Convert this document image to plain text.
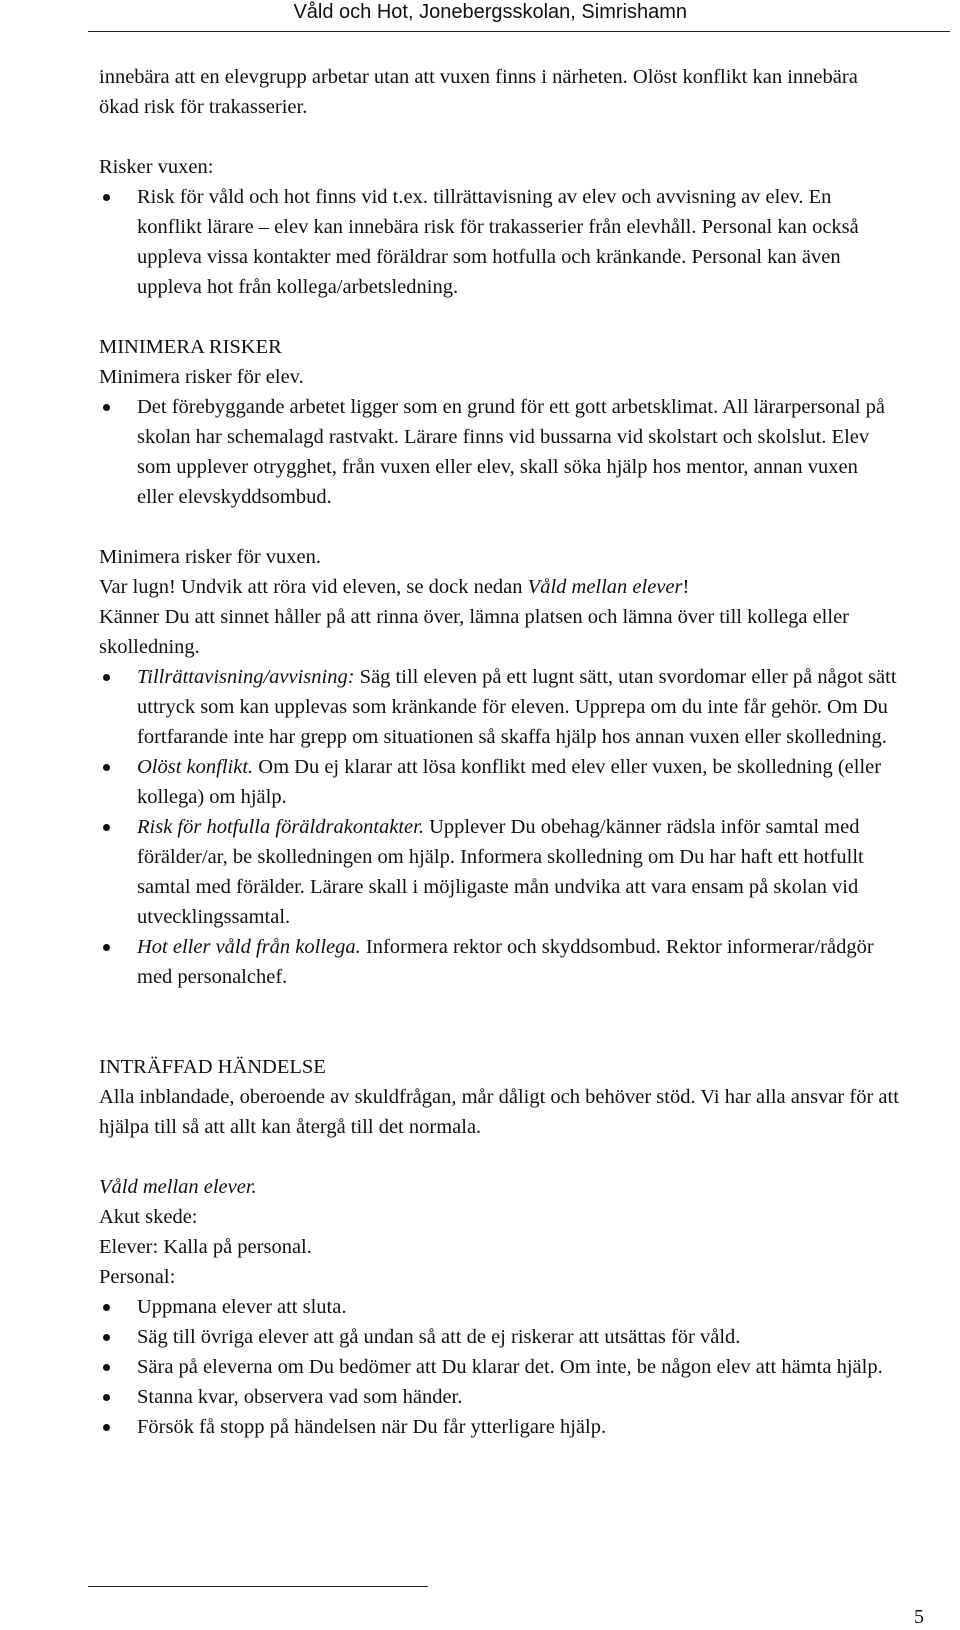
Våld och Hot, Jonebergsskolan, Simrishamn

innebära att en elevgrupp arbetar utan att vuxen finns i närheten. Olöst konflikt kan innebära ökad risk för trakasserier.

Risker vuxen:

Risk för våld och hot finns vid t.ex. tillrättavisning av elev och avvisning av elev. En konflikt lärare – elev kan innebära risk för trakasserier från elevhåll. Personal kan också uppleva vissa kontakter med föräldrar som hotfulla och kränkande. Personal kan även uppleva hot från kollega/arbetsledning.

MINIMERA RISKER

Minimera risker för elev.

Det förebyggande arbetet ligger som en grund för ett gott arbetsklimat. All lärarpersonal på skolan har schemalagd rastvakt. Lärare finns vid bussarna vid skolstart och skolslut. Elev som upplever otrygghet, från vuxen eller elev, skall söka hjälp hos mentor, annan vuxen eller elevskyddsombud.

Minimera risker för vuxen.

Var lugn! Undvik att röra vid eleven, se dock nedan Våld mellan elever!

Känner Du att sinnet håller på att rinna över, lämna platsen och lämna över till kollega eller skolledning.

Tillrättavisning/avvisning: Säg till eleven på ett lugnt sätt, utan svordomar eller på något sätt uttryck som kan upplevas som kränkande för eleven. Upprepa om du inte får gehör. Om Du fortfarande inte har grepp om situationen så skaffa hjälp hos annan vuxen eller skolledning.
Olöst konflikt. Om Du ej klarar att lösa konflikt med elev eller vuxen, be skolledning (eller kollega) om hjälp.
Risk för hotfulla föräldrakontakter. Upplever Du obehag/känner rädsla inför samtal med förälder/ar, be skolledningen om hjälp. Informera skolledning om Du har haft ett hotfullt samtal med förälder. Lärare skall i möjligaste mån undvika att vara ensam på skolan vid utvecklingssamtal.
Hot eller våld från kollega. Informera rektor och skyddsombud. Rektor informerar/rådgör med personalchef.

INTRÄFFAD HÄNDELSE

Alla inblandade, oberoende av skuldfrågan, mår dåligt och behöver stöd. Vi har alla ansvar för att hjälpa till så att allt kan återgå till det normala.

Våld mellan elever.

Akut skede:

Elever: Kalla på personal.

Personal:

Uppmana elever att sluta.
Säg till övriga elever att gå undan så att de ej riskerar att utsättas för våld.
Sära på eleverna om Du bedömer att Du klarar det. Om inte, be någon elev att hämta hjälp.
Stanna kvar, observera vad som händer.
Försök få stopp på händelsen när Du får ytterligare hjälp.
5
